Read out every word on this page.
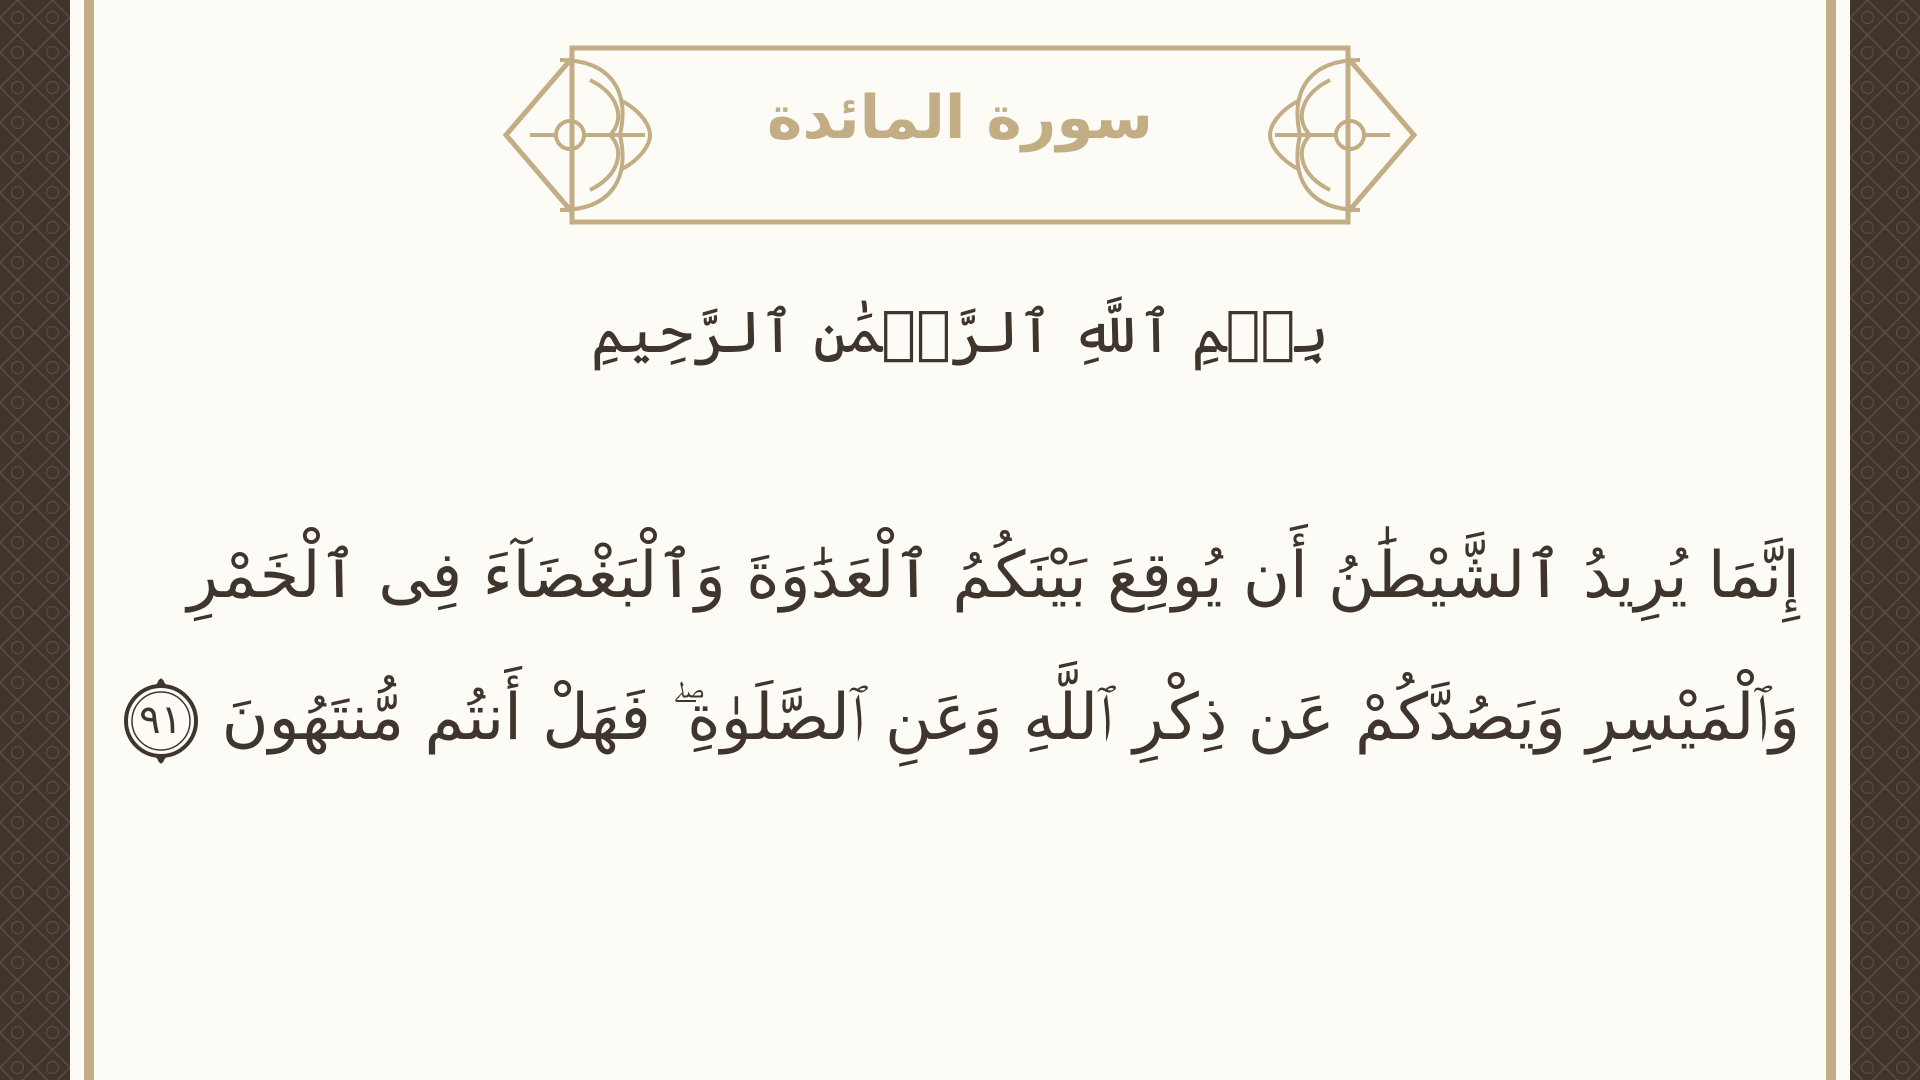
سورة المائدة
بِسۡمِ ٱللَّهِ ٱلرَّحۡمَٰنِ ٱلرَّحِيمِ
إِنَّمَا يُرِيدُ ٱلشَّيْطَٰنُ أَن يُوقِعَ بَيْنَكُمُ ٱلْعَدَٰوَةَ وَٱلْبَغْضَآءَ فِى ٱلْخَمْرِ
وَٱلْمَيْسِرِ وَيَصُدَّكُمْ عَن ذِكْرِ ٱللَّهِ وَعَنِ ٱلصَّلَوٰةِ ۖ فَهَلْ أَنتُم مُّنتَهُونَ
٩١
